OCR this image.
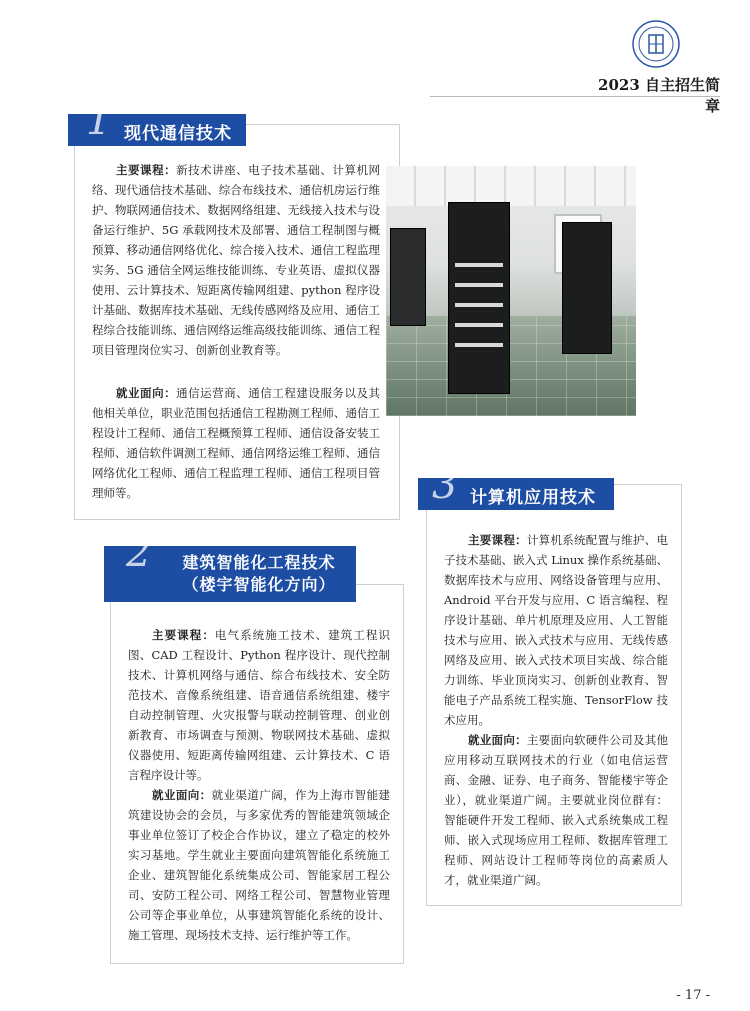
2023 自主招生简章
1 现代通信技术

主要课程：新技术讲座、电子技术基础、计算机网络、现代通信技术基础、综合布线技术、通信机房运行维护、物联网通信技术、数据网络组建、无线接入技术与设备运行维护、5G 承载网技术及部署、通信工程制图与概预算、移动通信网络优化、综合接入技术、通信工程监理实务、5G 通信全网运维技能训练、专业英语、虚拟仪器使用、云计算技术、短距离传输网组建、python 程序设计基础、数据库技术基础、无线传感网络及应用、通信工程综合技能训练、通信网络运维高级技能训练、通信工程项目管理岗位实习、创新创业教育等。

就业面向：通信运营商、通信工程建设服务以及其他相关单位，职业范围包括通信工程勘测工程师、通信工程设计工程师、通信工程概预算工程师、通信设备安装工程师、通信软件调测工程师、通信网络运维工程师、通信网络优化工程师、通信工程监理工程师、通信工程项目管理师等。	3 计算机应用技术

主要课程：计算机系统配置与维护、电子技术基础、嵌入式 Linux 操作系统基础、数据库技术与应用、网络设备管理与应用、Android 平台开发与应用、C 语言编程、程序设计基础、单片机原理及应用、人工智能技术与应用、嵌入式技术与应用、无线传感网络及应用、嵌入式技术项目实战、综合能力训练、毕业顶岗实习、创新创业教育、智能电子产品系统工程实施、TensorFlow 技术应用。

就业面向：主要面向软硬件公司及其他应用移动互联网技术的行业（如电信运营商、金融、证券、电子商务、智能楼宇等企业），就业渠道广阔。主要就业岗位群有：智能硬件开发工程师、嵌入式系统集成工程师、嵌入式现场应用工程师、数据库管理工程师、网站设计工程师等岗位的高素质人才，就业渠道广阔。

2	建筑智能化工程技术
（楼宇智能化方向）

主要课程：电气系统施工技术、建筑工程识图、CAD 工程设计、Python 程序设计、现代控制技术、计算机网络与通信、综合布线技术、安全防范技术、音像系统组建、语音通信系统组建、楼宇自动控制管理、火灾报警与联动控制管理、创业创新教育、市场调查与预测、物联网技术基础、虚拟仪器使用、短距离传输网组建、云计算技术、C 语言程序设计等。

就业面向：就业渠道广阔，作为上海市智能建筑建设协会的会员，与多家优秀的智能建筑领域企事业单位签订了校企合作协议，建立了稳定的校外实习基地。学生就业主要面向建筑智能化系统施工企业、建筑智能化系统集成公司、智能家居工程公司、安防工程公司、网络工程公司、智慧物业管理公司等企事业单位，从事建筑智能化系统的设计、施工管理、现场技术支持、运行维护等工作。

- 17 -
